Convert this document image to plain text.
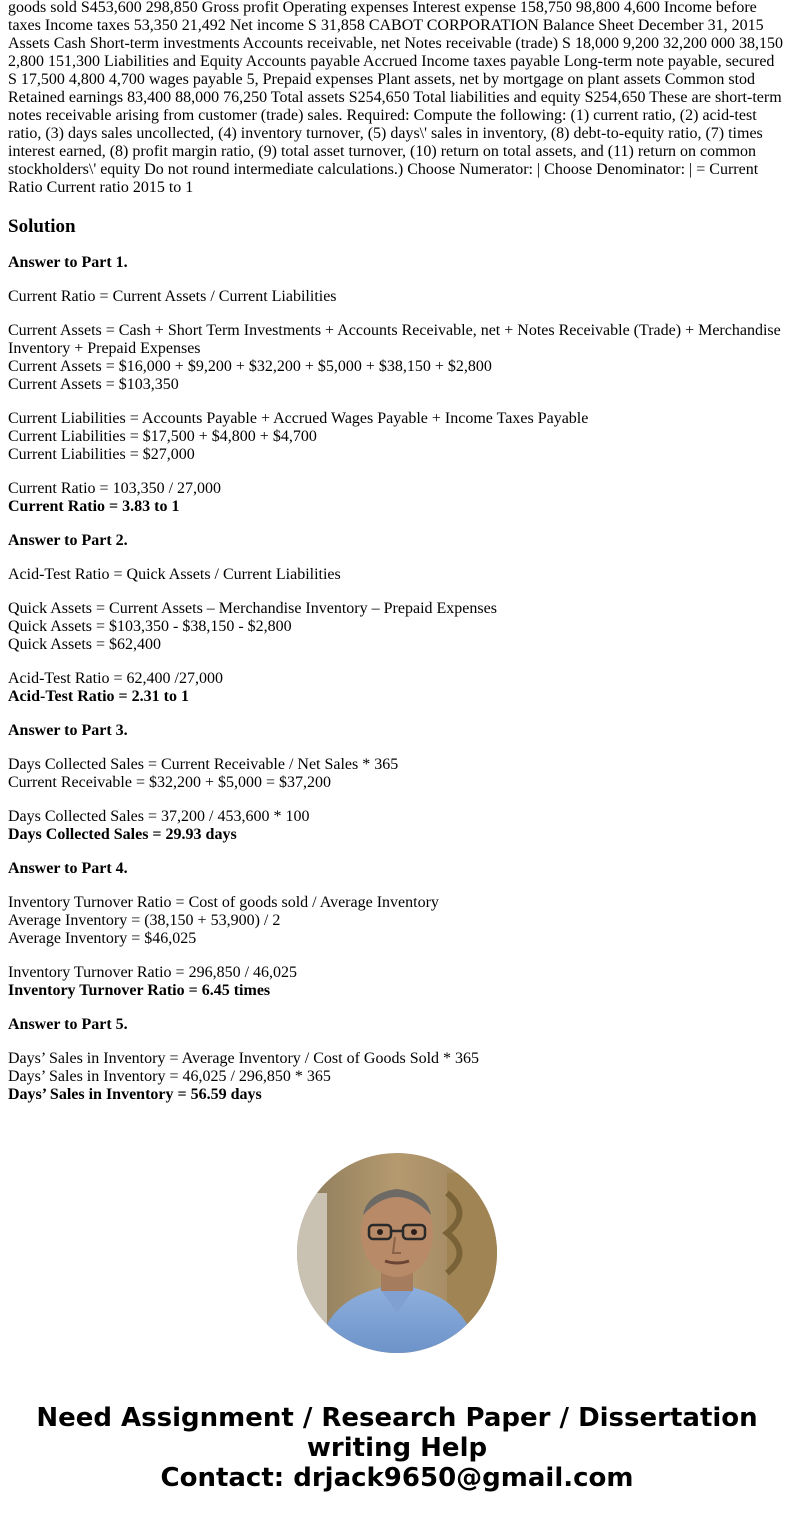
goods sold S453,600 298,850 Gross profit Operating expenses Interest expense 158,750 98,800 4,600 Income before taxes Income taxes 53,350 21,492 Net income S 31,858 CABOT CORPORATION Balance Sheet December 31, 2015 Assets Cash Short-term investments Accounts receivable, net Notes receivable (trade) S 18,000 9,200 32,200 000 38,150 2,800 151,300 Liabilities and Equity Accounts payable Accrued Income taxes payable Long-term note payable, secured S 17,500 4,800 4,700 wages payable 5, Prepaid expenses Plant assets, net by mortgage on plant assets Common stod Retained earnings 83,400 88,000 76,250 Total assets S254,650 Total liabilities and equity S254,650 These are short-term notes receivable arising from customer (trade) sales. Required: Compute the following: (1) current ratio, (2) acid-test ratio, (3) days sales uncollected, (4) inventory turnover, (5) days\' sales in inventory, (8) debt-to-equity ratio, (7) times interest earned, (8) profit margin ratio, (9) total asset turnover, (10) return on total assets, and (11) return on common stockholders\' equity Do not round intermediate calculations.) Choose Numerator: | Choose Denominator: | = Current Ratio Current ratio 2015 to 1

Solution
Answer to Part 1.
Current Ratio = Current Assets / Current Liabilities
Current Assets = Cash + Short Term Investments + Accounts Receivable, net + Notes Receivable (Trade) + Merchandise Inventory + Prepaid Expenses
Current Assets = $16,000 + $9,200 + $32,200 + $5,000 + $38,150 + $2,800
Current Assets = $103,350
Current Liabilities = Accounts Payable + Accrued Wages Payable + Income Taxes Payable
Current Liabilities = $17,500 + $4,800 + $4,700
Current Liabilities = $27,000
Current Ratio = 103,350 / 27,000
Current Ratio = 3.83 to 1
Answer to Part 2.
Acid-Test Ratio = Quick Assets / Current Liabilities
Quick Assets = Current Assets – Merchandise Inventory – Prepaid Expenses
Quick Assets = $103,350 - $38,150 - $2,800
Quick Assets = $62,400
Acid-Test Ratio = 62,400 /27,000
Acid-Test Ratio = 2.31 to 1
Answer to Part 3.
Days Collected Sales = Current Receivable / Net Sales * 365
Current Receivable = $32,200 + $5,000 = $37,200
Days Collected Sales = 37,200 / 453,600 * 100
Days Collected Sales = 29.93 days
Answer to Part 4.
Inventory Turnover Ratio = Cost of goods sold / Average Inventory
Average Inventory = (38,150 + 53,900) / 2
Average Inventory = $46,025
Inventory Turnover Ratio = 296,850 / 46,025
Inventory Turnover Ratio = 6.45 times
Answer to Part 5.
Days’ Sales in Inventory = Average Inventory / Cost of Goods Sold * 365
Days’ Sales in Inventory = 46,025 / 296,850 * 365
Days’ Sales in Inventory = 56.59 days
Need Assignment / Research Paper / Dissertation
writing Help
Contact: drjack9650@gmail.com
